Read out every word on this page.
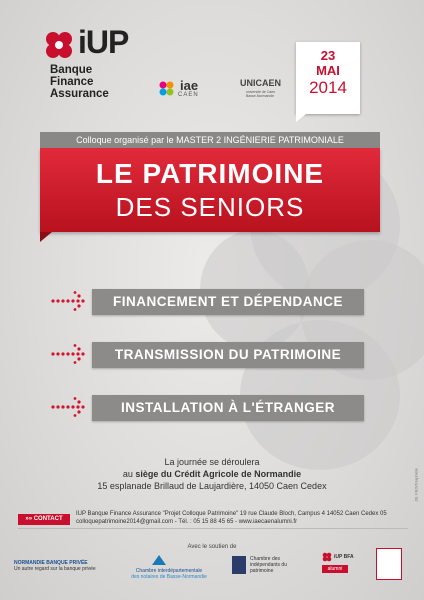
iUP
Banque
Finance
Assurance
iae
CAEN
UNICAEN
université de Caen Basse-Normandie
23
MAI
2014
Colloque organisé par le MASTER 2 INGÉNIERIE PATRIMONIALE
LE PATRIMOINE
DES SENIORS
FINANCEMENT ET DÉPENDANCE
TRANSMISSION DU PATRIMOINE
INSTALLATION À L'ÉTRANGER
La journée se déroulera
au siège du Crédit Agricole de Normandie
15 esplanade Brillaud de Laujardière, 14050 Caen Cedex
»» CONTACT
IUP Banque Finance Assurance "Projet Colloque Patrimoine" 19 rue Claude Bloch, Campus 4 14052 Caen Cedex 05
colloquepatrimoine2014@gmail.com - Tél. : 05 15 88 45 65 - www.iaecaenalumni.fr
Avec le soutien de
NORMANDIE BANQUE PRIVÉE
Un autre regard sur la banque privée	Chambre interdépartementale
des notaires de Basse-Normandie
Chambre des indépendants du patrimoine
iUP BFA
alumni
JB. FEO/Graphiste
